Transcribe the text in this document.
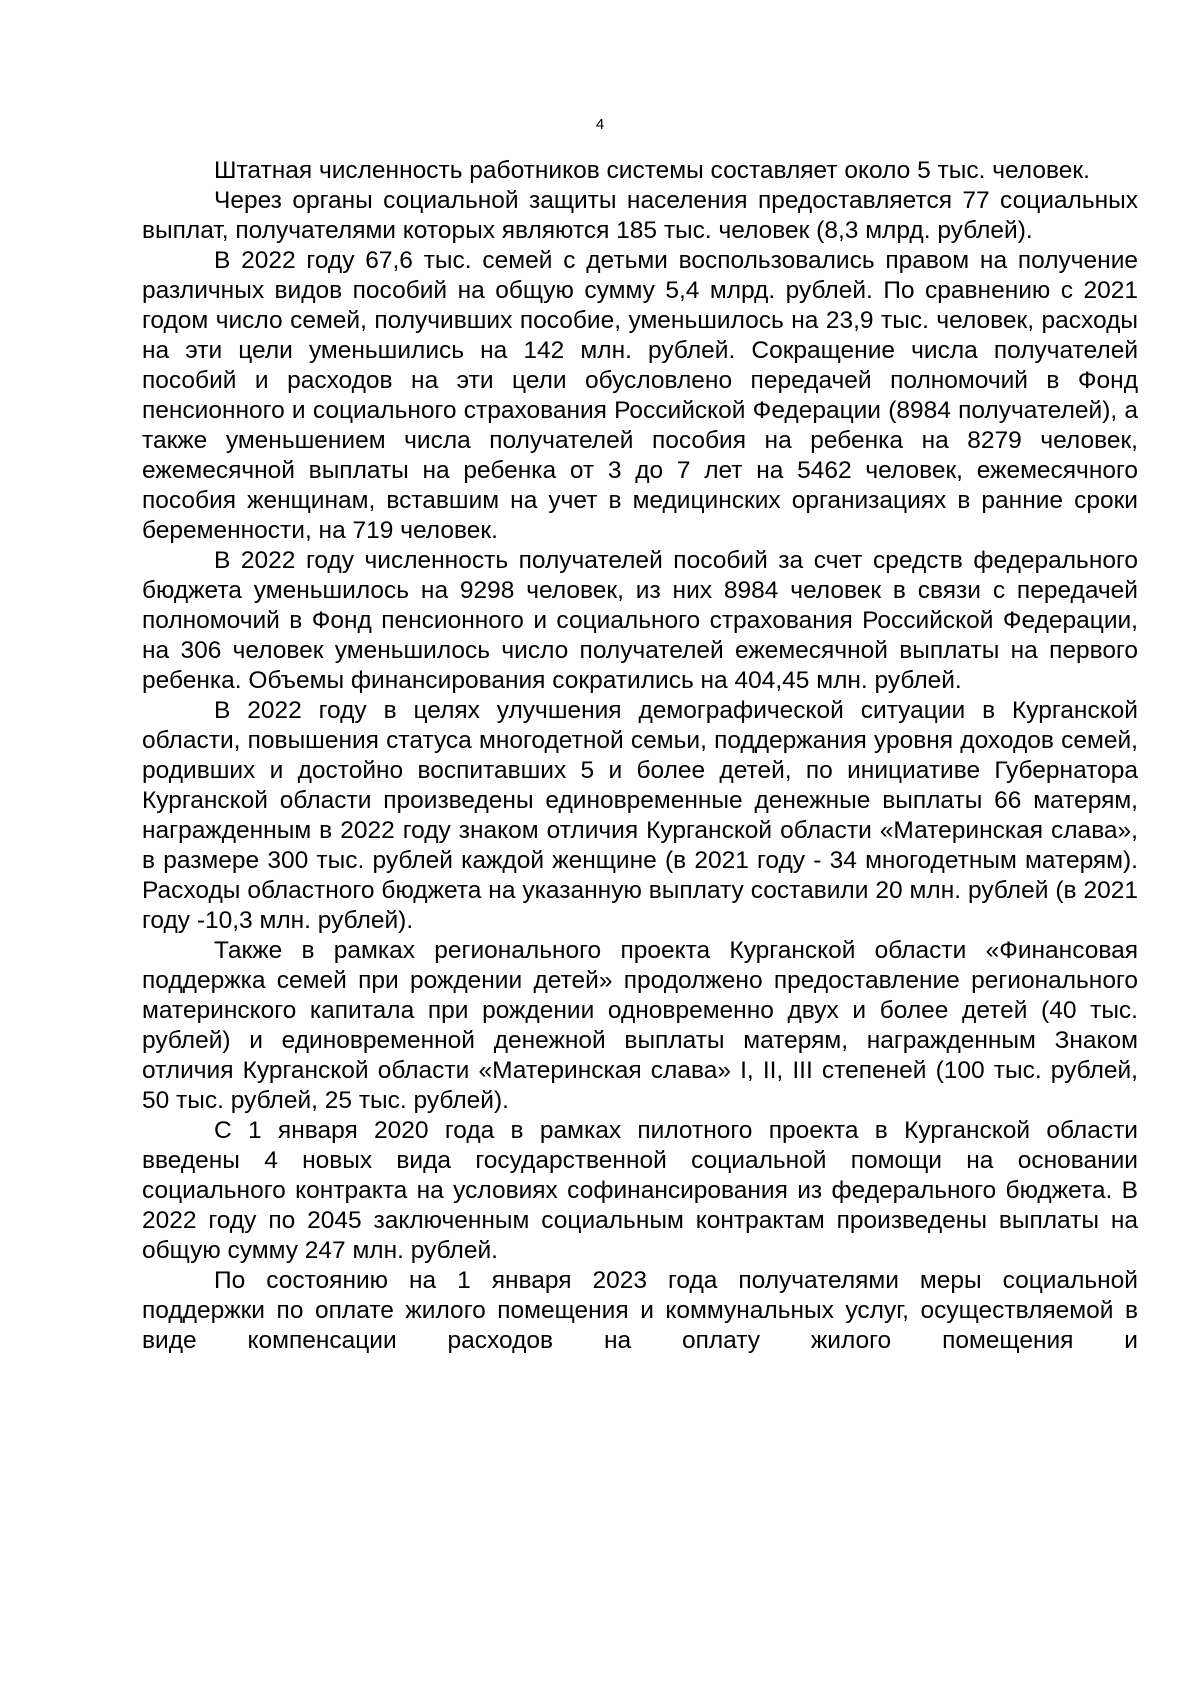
4

Штатная численность работников системы составляет около 5 тыс. человек.

Через органы социальной защиты населения предоставляется 77 социальных выплат, получателями которых являются 185 тыс. человек (8,3 млрд. рублей).

В 2022 году 67,6 тыс. семей с детьми воспользовались правом на получение различных видов пособий на общую сумму 5,4 млрд. рублей. По сравнению с 2021 годом число семей, получивших пособие, уменьшилось на 23,9 тыс. человек, расходы на эти цели уменьшились на 142 млн. рублей. Сокращение числа получателей пособий и расходов на эти цели обусловлено передачей полномочий в Фонд пенсионного и социального страхования Российской Федерации (8984 получателей), а также уменьшением числа получателей пособия на ребенка на 8279 человек, ежемесячной выплаты на ребенка от 3 до 7 лет на 5462 человек, ежемесячного пособия женщинам, вставшим на учет в медицинских организациях в ранние сроки беременности, на 719 человек.

В 2022 году численность получателей пособий за счет средств федерального бюджета уменьшилось на 9298 человек, из них 8984 человек в связи с передачей полномочий в Фонд пенсионного и социального страхования Российской Федерации, на 306 человек уменьшилось число получателей ежемесячной выплаты на первого ребенка. Объемы финансирования сократились на 404,45 млн. рублей.

В 2022 году в целях улучшения демографической ситуации в Курганской области, повышения статуса многодетной семьи, поддержания уровня доходов семей, родивших и достойно воспитавших 5 и более детей, по инициативе Губернатора Курганской области произведены единовременные денежные выплаты 66 матерям, награжденным в 2022 году знаком отличия Курганской области «Материнская слава», в размере 300 тыс. рублей каждой женщине (в 2021 году - 34 многодетным матерям). Расходы областного бюджета на указанную выплату составили 20 млн. рублей (в 2021 году -10,3 млн. рублей).

Также в рамках регионального проекта Курганской области «Финансовая поддержка семей при рождении детей» продолжено предоставление регионального материнского капитала при рождении одновременно двух и более детей (40 тыс. рублей) и единовременной денежной выплаты матерям, награжденным Знаком отличия Курганской области «Материнская слава» I, II, III степеней (100 тыс. рублей, 50 тыс. рублей, 25 тыс. рублей).

С 1 января 2020 года в рамках пилотного проекта в Курганской области введены 4 новых вида государственной социальной помощи на основании социального контракта на условиях софинансирования из федерального бюджета. В 2022 году по 2045 заключенным социальным контрактам произведены выплаты на общую сумму 247 млн. рублей.

По состоянию на 1 января 2023 года получателями меры социальной поддержки по оплате жилого помещения и коммунальных услуг, осуществляемой в виде компенсации расходов на оплату жилого помещения и
